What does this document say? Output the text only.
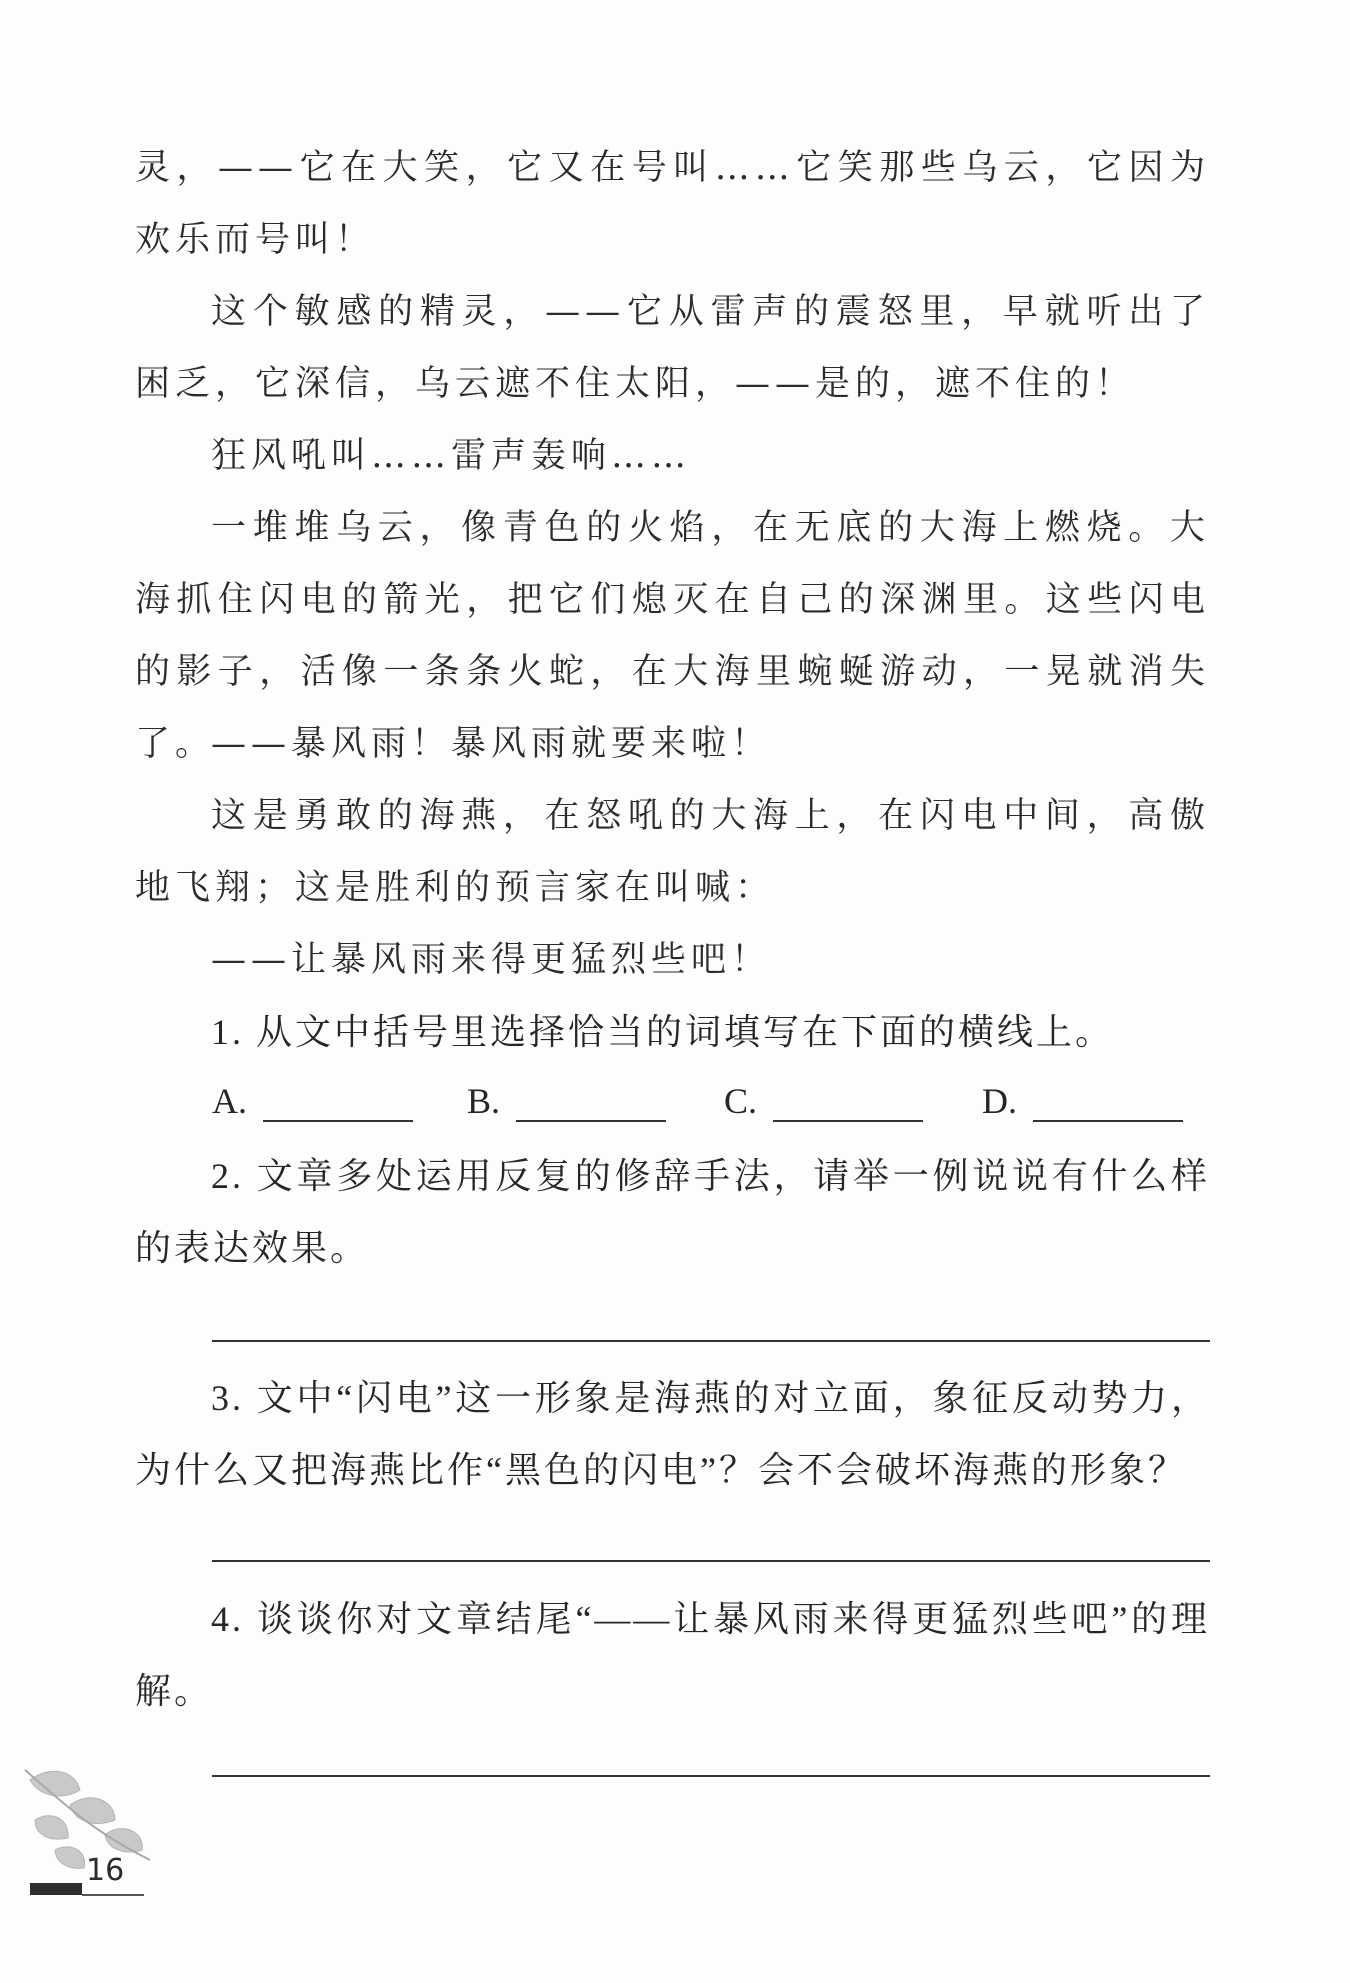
灵，——它在大笑，它又在号叫……它笑那些乌云，它因为欢乐而号叫！

这个敏感的精灵，——它从雷声的震怒里，早就听出了困乏，它深信，乌云遮不住太阳，——是的，遮不住的！

狂风吼叫……雷声轰响……

一堆堆乌云，像青色的火焰，在无底的大海上燃烧。大海抓住闪电的箭光，把它们熄灭在自己的深渊里。这些闪电的影子，活像一条条火蛇，在大海里蜿蜒游动，一晃就消失了。

——暴风雨！暴风雨就要来啦！

这是勇敢的海燕，在怒吼的大海上，在闪电中间，高傲地飞翔；这是胜利的预言家在叫喊：

——让暴风雨来得更猛烈些吧！

1. 从文中括号里选择恰当的词填写在下面的横线上。

A.	B.	C.	D.

2. 文章多处运用反复的修辞手法，请举一例说说有什么样的表达效果。

3. 文中“闪电”这一形象是海燕的对立面，象征反动势力，为什么又把海燕比作“黑色的闪电”？会不会破坏海燕的形象？

4. 谈谈你对文章结尾“——让暴风雨来得更猛烈些吧”的理解。

16
